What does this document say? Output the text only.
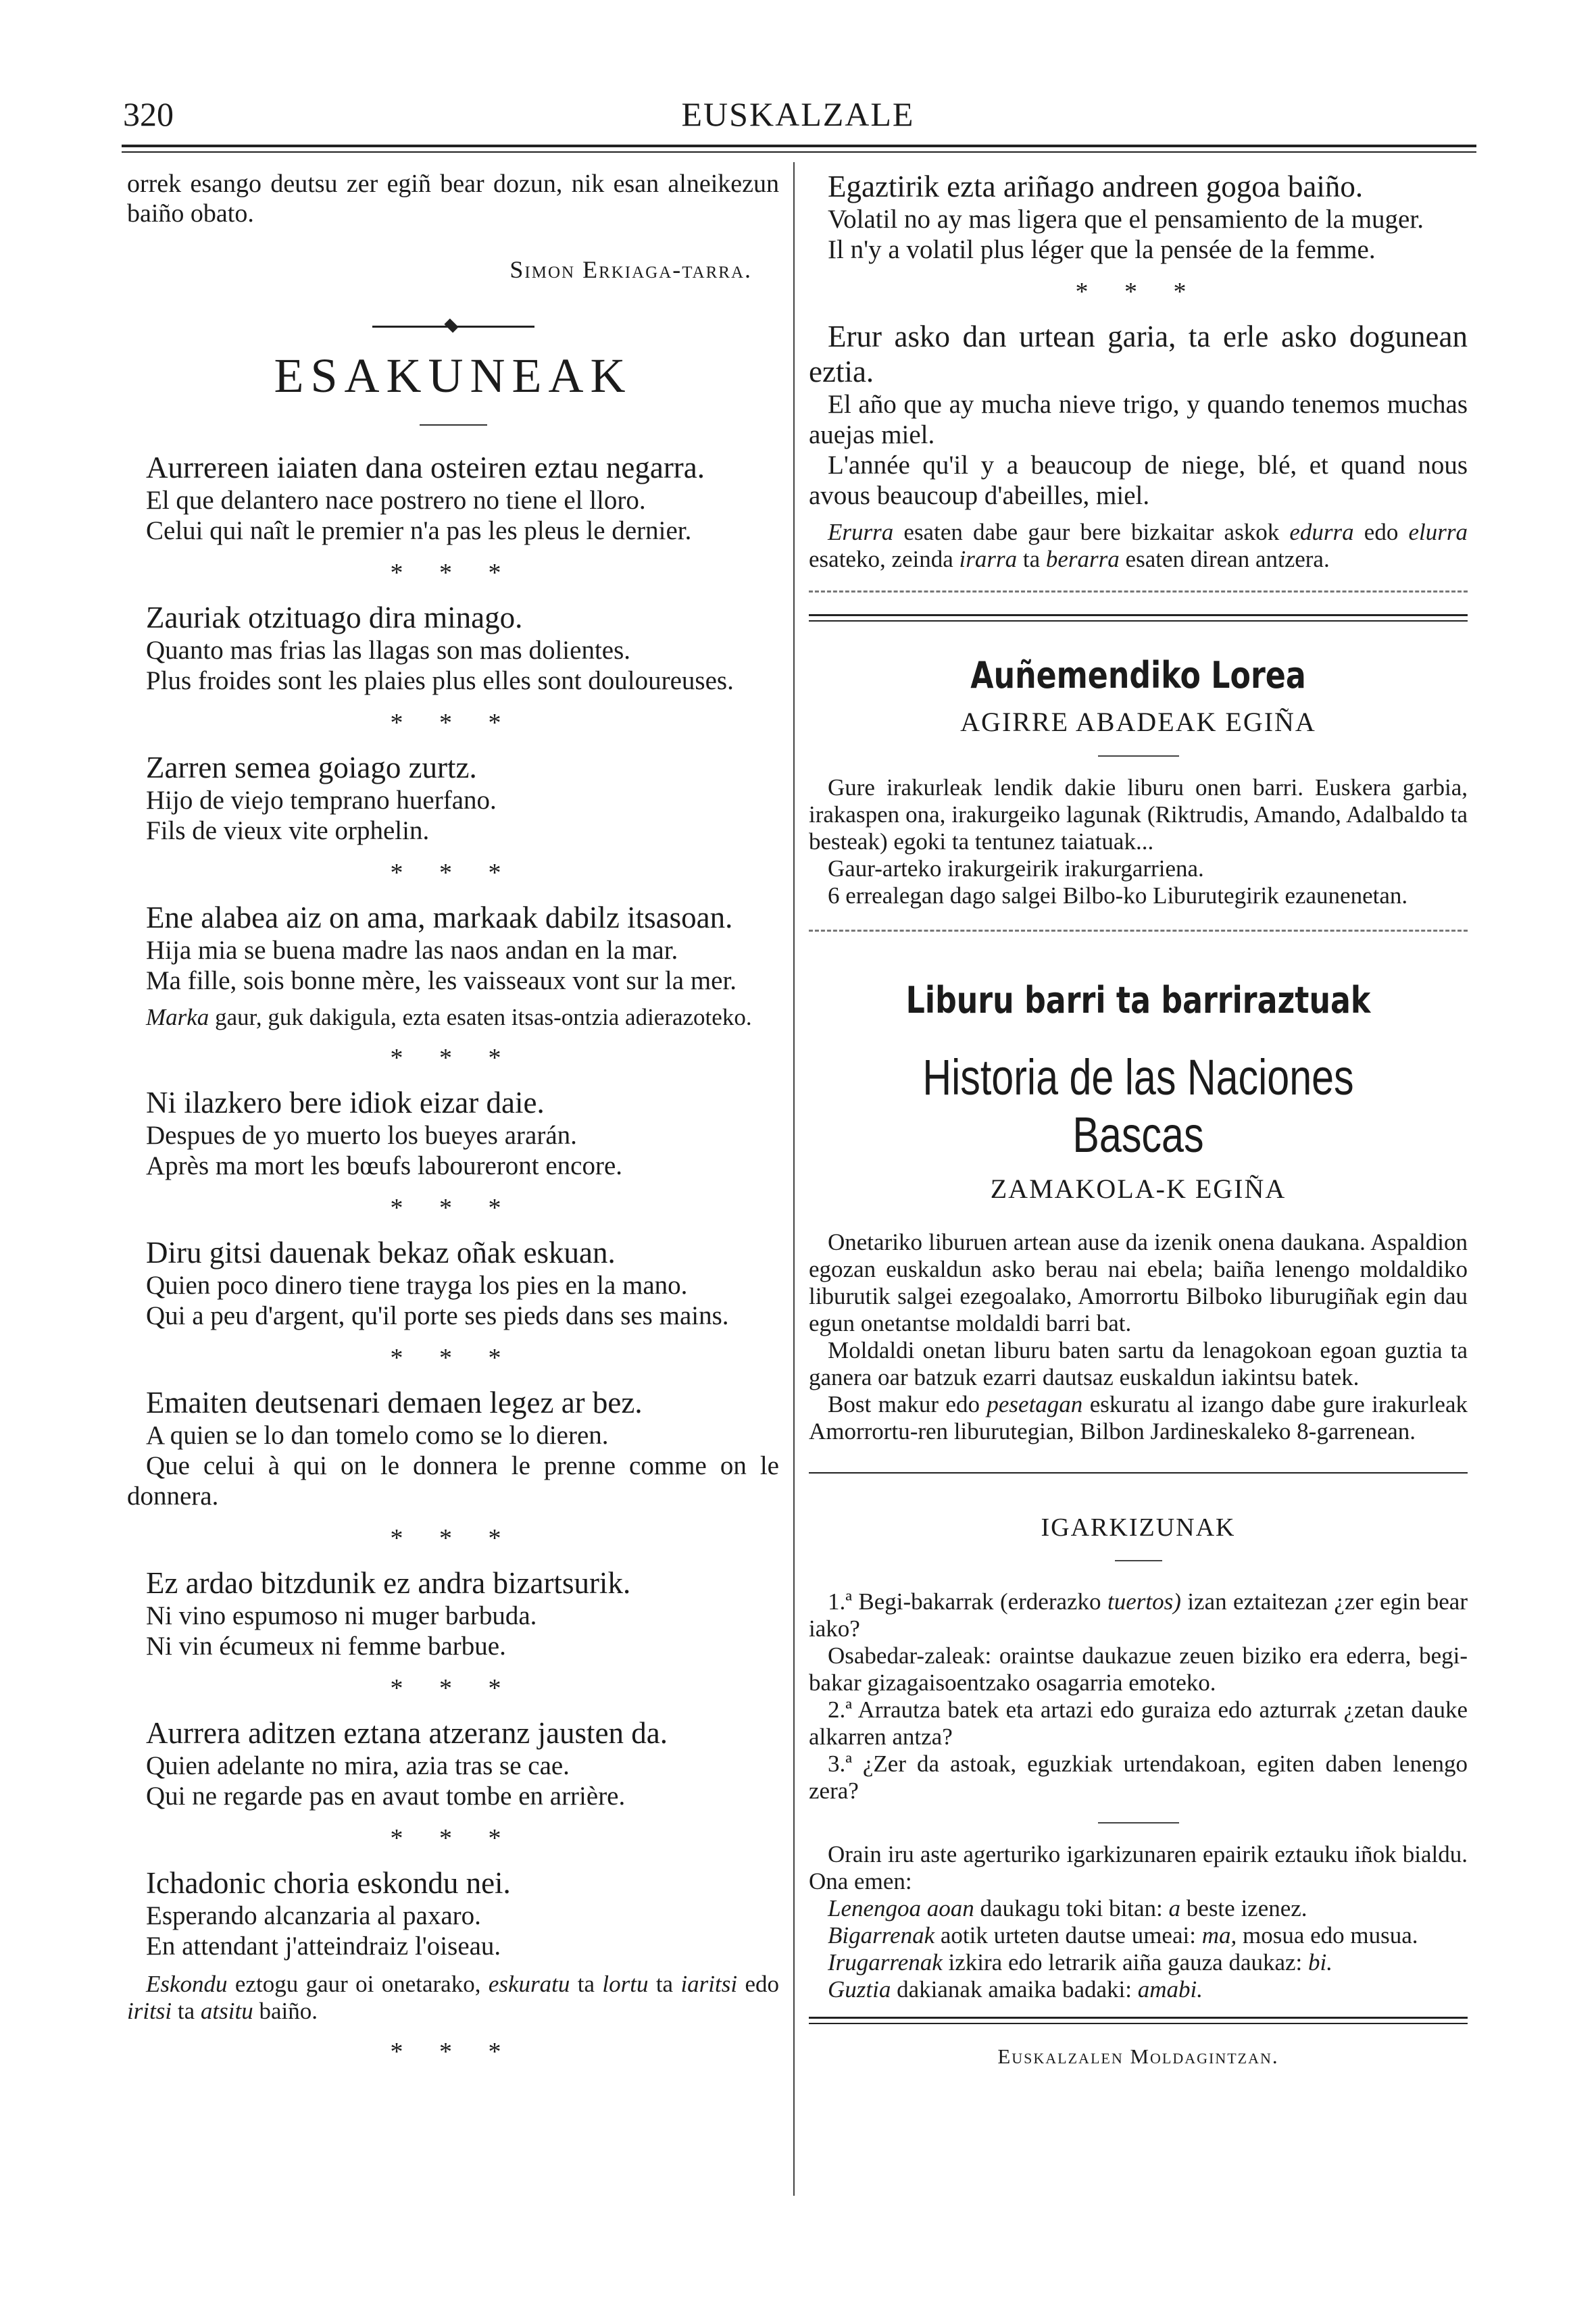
320	EUSKALZALE

orrek esango deutsu zer egiñ bear dozun, nik esan alneikezun baiño obato.

Simon Erkiaga-tarra.

ESAKUNEAK

Aurrereen iaiaten dana osteiren eztau negarra.

El que delantero nace postrero no tiene el lloro.

Celui qui naît le premier n'a pas les pleus le dernier.

* * *

Zauriak otzituago dira minago.

Quanto mas frias las llagas son mas dolientes.

Plus froides sont les plaies plus elles sont douloureuses.

* * *

Zarren semea goiago zurtz.

Hijo de viejo temprano huerfano.

Fils de vieux vite orphelin.

* * *

Ene alabea aiz on ama, markaak dabilz itsasoan.

Hija mia se buena madre las naos andan en la mar.

Ma fille, sois bonne mère, les vaisseaux vont sur la mer.

Marka gaur, guk dakigula, ezta esaten itsas-ontzia adierazoteko.

* * *

Ni ilazkero bere idiok eizar daie.

Despues de yo muerto los bueyes ararán.

Après ma mort les bœufs laboureront encore.

* * *

Diru gitsi dauenak bekaz oñak eskuan.

Quien poco dinero tiene trayga los pies en la mano.

Qui a peu d'argent, qu'il porte ses pieds dans ses mains.

* * *

Emaiten deutsenari demaen legez ar bez.

A quien se lo dan tomelo como se lo dieren.

Que celui à qui on le donnera le prenne comme on le donnera.

* * *

Ez ardao bitzdunik ez andra bizartsurik.

Ni vino espumoso ni muger barbuda.

Ni vin écumeux ni femme barbue.

* * *

Aurrera aditzen eztana atzeranz jausten da.

Quien adelante no mira, azia tras se cae.

Qui ne regarde pas en avaut tombe en arrière.

* * *

Ichadonic choria eskondu nei.

Esperando alcanzaria al paxaro.

En attendant j'atteindraiz l'oiseau.

Eskondu eztogu gaur oi onetarako, eskuratu ta lortu ta iaritsi edo iritsi ta atsitu baiño.

* * *

Egaztirik ezta ariñago andreen gogoa baiño.

Volatil no ay mas ligera que el pensamiento de la muger.

Il n'y a volatil plus léger que la pensée de la femme.

* * *

Erur asko dan urtean garia, ta erle asko dogunean eztia.

El año que ay mucha nieve trigo, y quando tenemos muchas auejas miel.

L'année qu'il y a beaucoup de niege, blé, et quand nous avous beaucoup d'abeilles, miel.

Erurra esaten dabe gaur bere bizkaitar askok edurra edo elurra esateko, zeinda irarra ta berarra esaten direan antzera.

Auñemendiko Lorea
AGIRRE ABADEAK EGIÑA

Gure irakurleak lendik dakie liburu onen barri. Euskera garbia, irakaspen ona, irakurgeiko lagunak (Riktrudis, Amando, Adalbaldo ta besteak) egoki ta tentunez taiatuak...

Gaur-arteko irakurgeirik irakurgarriena.

6 errealegan dago salgei Bilbo-ko Liburutegirik ezaunenetan.

Liburu barri ta barriraztuak
Historia de las Naciones Bascas
ZAMAKOLA-K EGIÑA

Onetariko liburuen artean ause da izenik onena daukana. Aspaldion egozan euskaldun asko berau nai ebela; baiña lenengo moldaldiko liburutik salgei ezegoalako, Amorrortu Bilboko liburugiñak egin dau egun onetantse moldaldi barri bat.

Moldaldi onetan liburu baten sartu da lenagokoan egoan guztia ta ganera oar batzuk ezarri dautsaz euskaldun iakintsu batek.

Bost makur edo pesetagan eskuratu al izango dabe gure irakurleak Amorrortu-ren liburutegian, Bilbon Jardineskaleko 8-garrenean.

IGARKIZUNAK

1.ª Begi-bakarrak (erderazko tuertos) izan eztaitezan ¿zer egin bear iako?

Osabedar-zaleak: oraintse daukazue zeuen biziko era ederra, begi-bakar gizagaisoentzako osagarria emoteko.

2.ª Arrautza batek eta artazi edo guraiza edo azturrak ¿zetan dauke alkarren antza?

3.ª ¿Zer da astoak, eguzkiak urtendakoan, egiten daben lenengo zera?

Orain iru aste agerturiko igarkizunaren epairik eztauku iñok bialdu. Ona emen:

Lenengoa aoan daukagu toki bitan: a beste izenez.

Bigarrenak aotik urteten dautse umeai: ma, mosua edo musua.

Irugarrenak izkira edo letrarik aiña gauza daukaz: bi.

Guztia dakianak amaika badaki: amabi.

Euskalzalen Moldagintzan.
